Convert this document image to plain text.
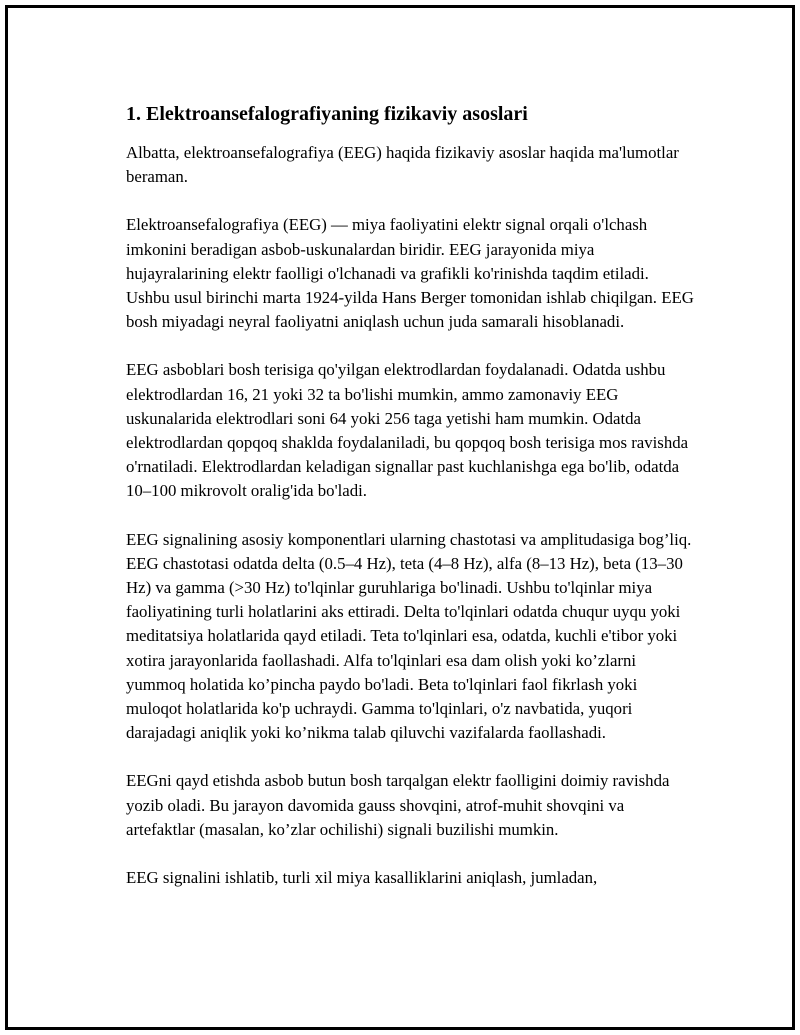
1. Elektroansefalografiyaning fizikaviy asoslari

Albatta, elektroansefalografiya (EEG) haqida fizikaviy asoslar haqida ma'lumotlar beraman.

Elektroansefalografiya (EEG) — miya faoliyatini elektr signal orqali o'lchash imkonini beradigan asbob-uskunalardan biridir. EEG jarayonida miya hujayralarining elektr faolligi o'lchanadi va grafikli ko'rinishda taqdim etiladi. Ushbu usul birinchi marta 1924-yilda Hans Berger tomonidan ishlab chiqilgan. EEG bosh miyadagi neyral faoliyatni aniqlash uchun juda samarali hisoblanadi.

EEG asboblari bosh terisiga qo'yilgan elektrodlardan foydalanadi. Odatda ushbu elektrodlardan 16, 21 yoki 32 ta bo'lishi mumkin, ammo zamonaviy EEG uskunalarida elektrodlari soni 64 yoki 256 taga yetishi ham mumkin. Odatda elektrodlardan qopqoq shaklda foydalaniladi, bu qopqoq bosh terisiga mos ravishda o'rnatiladi. Elektrodlardan keladigan signallar past kuchlanishga ega bo'lib, odatda 10–100 mikrovolt oralig'ida bo'ladi.

EEG signalining asosiy komponentlari ularning chastotasi va amplitudasiga bog’liq. EEG chastotasi odatda delta (0.5–4 Hz), teta (4–8 Hz), alfa (8–13 Hz), beta (13–30 Hz) va gamma (>30 Hz) to'lqinlar guruhlariga bo'linadi. Ushbu to'lqinlar miya faoliyatining turli holatlarini aks ettiradi. Delta to'lqinlari odatda chuqur uyqu yoki meditatsiya holatlarida qayd etiladi. Teta to'lqinlari esa, odatda, kuchli e'tibor yoki xotira jarayonlarida faollashadi. Alfa to'lqinlari esa dam olish yoki ko’zlarni yummoq holatida ko’pincha paydo bo'ladi. Beta to'lqinlari faol fikrlash yoki muloqot holatlarida ko'p uchraydi. Gamma to'lqinlari, o'z navbatida, yuqori darajadagi aniqlik yoki ko’nikma talab qiluvchi vazifalarda faollashadi.

EEGni qayd etishda asbob butun bosh tarqalgan elektr faolligini doimiy ravishda yozib oladi. Bu jarayon davomida gauss shovqini, atrof-muhit shovqini va artefaktlar (masalan, ko’zlar ochilishi) signali buzilishi mumkin.

EEG signalini ishlatib, turli xil miya kasalliklarini aniqlash, jumladan,
